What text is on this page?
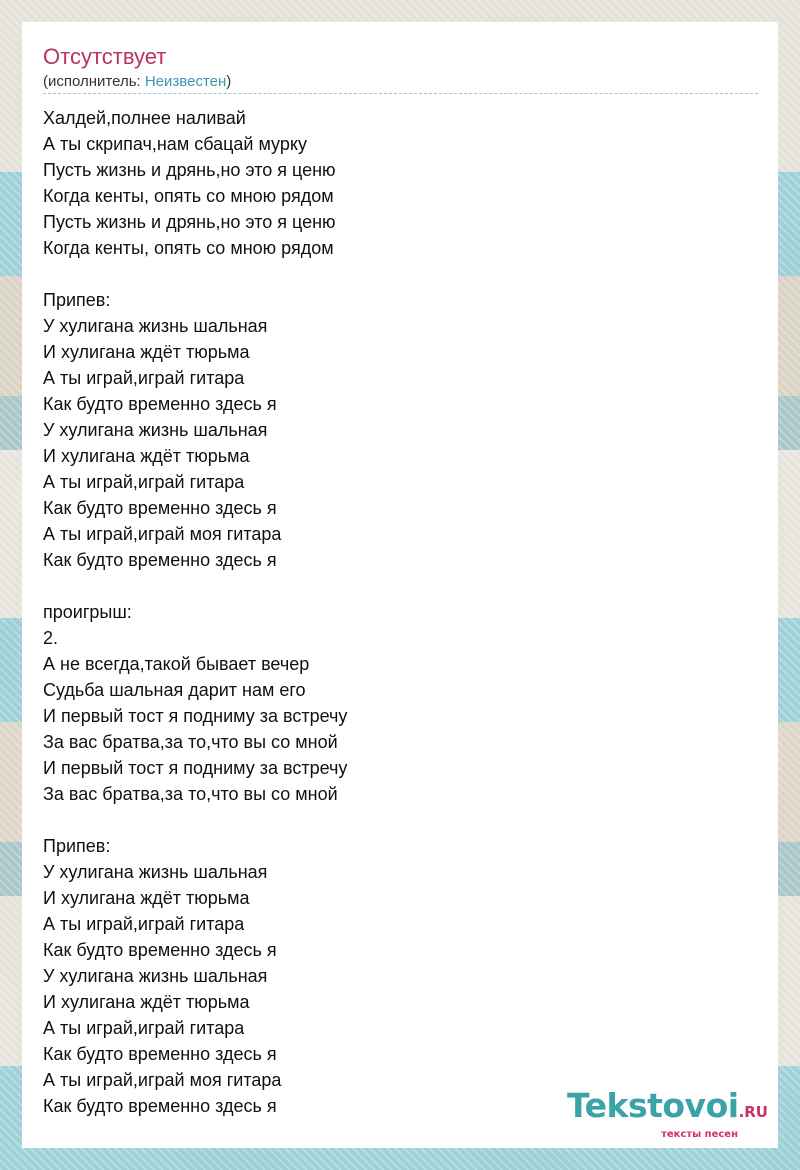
Отсутствует
(исполнитель: Неизвестен)
Халдей,полнее наливай
А ты скрипач,нам сбацай мурку
Пусть жизнь и дрянь,но это я ценю
Когда кенты, опять со мною рядом
Пусть жизнь и дрянь,но это я ценю
Когда кенты, опять со мною рядом
Припев:
У хулигана жизнь шальная
И хулигана ждёт тюрьма
А ты играй,играй гитара
Как будто временно здесь я
У хулигана жизнь шальная
И хулигана ждёт тюрьма
А ты играй,играй гитара
Как будто временно здесь я
А ты играй,играй моя гитара
Как будто временно здесь я
проигрыш:
2.
А не всегда,такой бывает вечер
Судьба шальная дарит нам его
И первый тост я подниму за встречу
За вас братва,за то,что вы со мной
И первый тост я подниму за встречу
За вас братва,за то,что вы со мной
Припев:
У хулигана жизнь шальная
И хулигана ждёт тюрьма
А ты играй,играй гитара
Как будто временно здесь я
У хулигана жизнь шальная
И хулигана ждёт тюрьма
А ты играй,играй гитара
Как будто временно здесь я
А ты играй,играй моя гитара
Как будто временно здесь я	Tekstovoi.RU
тексты песен
